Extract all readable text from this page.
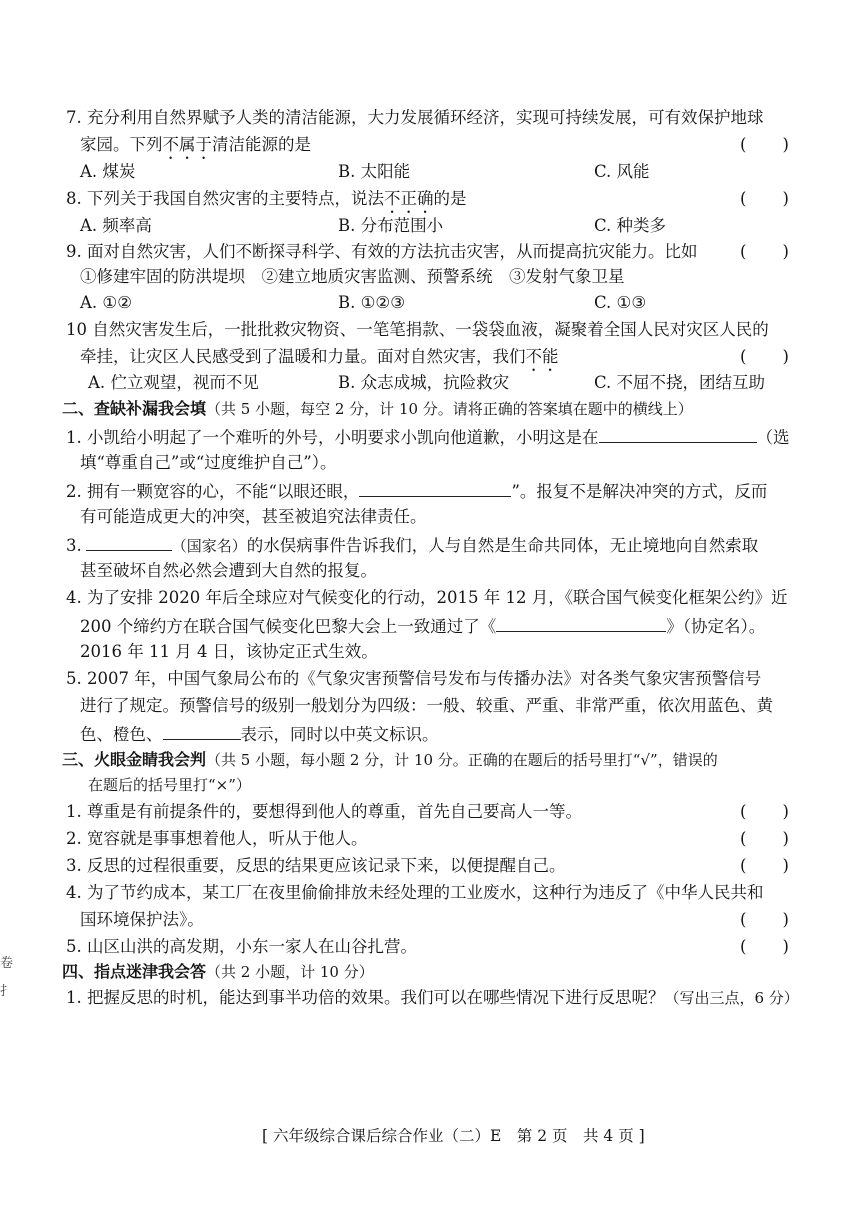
7. 充分利用自然界赋予人类的清洁能源，大力发展循环经济，实现可持续发展，可有效保护地球
家园。下列不属于清洁能源的是	( )
A. 煤炭	B. 太阳能	C. 风能
8. 下列关于我国自然灾害的主要特点，说法不正确的是	( )
A. 频率高	B. 分布范围小	C. 种类多
9. 面对自然灾害，人们不断探寻科学、有效的方法抗击灾害，从而提高抗灾能力。比如	( )
①修建牢固的防洪堤坝　②建立地质灾害监测、预警系统　③发射气象卫星
A. ①②	B. ①②③	C. ①③
10 自然灾害发生后，一批批救灾物资、一笔笔捐款、一袋袋血液，凝聚着全国人民对灾区人民的
牵挂，让灾区人民感受到了温暖和力量。面对自然灾害，我们不能	( )
A. 伫立观望，视而不见	B. 众志成城，抗险救灾	C. 不屈不挠，团结互助
二、查缺补漏我会填（共 5 小题，每空 2 分，计 10 分。请将正确的答案填在题中的横线上）
1. 小凯给小明起了一个难听的外号，小明要求小凯向他道歉，小明这是在	（选
填“尊重自己”或“过度维护自己”）。
2. 拥有一颗宽容的心，不能“以眼还眼，	”。报复不是解决冲突的方式，反而
有可能造成更大的冲突，甚至被追究法律责任。
3.	（国家名）的水俣病事件告诉我们，人与自然是生命共同体，无止境地向自然索取
甚至破坏自然必然会遭到大自然的报复。
4. 为了安排 2020 年后全球应对气候变化的行动，2015 年 12 月，《联合国气候变化框架公约》近
200 个缔约方在联合国气候变化巴黎大会上一致通过了《	》（协定名）。
2016 年 11 月 4 日，该协定正式生效。
5. 2007 年，中国气象局公布的《气象灾害预警信号发布与传播办法》对各类气象灾害预警信号
进行了规定。预警信号的级别一般划分为四级：一般、较重、严重、非常严重，依次用蓝色、黄
色、橙色、	表示，同时以中英文标识。
三、火眼金睛我会判（共 5 小题，每小题 2 分，计 10 分。正确的在题后的括号里打“√”，错误的
在题后的括号里打“×”）
1. 尊重是有前提条件的，要想得到他人的尊重，首先自己要高人一等。	( )
2. 宽容就是事事想着他人，听从于他人。	( )
3. 反思的过程很重要，反思的结果更应该记录下来，以便提醒自己。	( )
4. 为了节约成本，某工厂在夜里偷偷排放未经处理的工业废水，这种行为违反了《中华人民共和
国环境保护法》。	( )
5. 山区山洪的高发期，小东一家人在山谷扎营。	( )
四、指点迷津我会答（共 2 小题，计 10 分）
1. 把握反思的时机，能达到事半功倍的效果。我们可以在哪些情况下进行反思呢？（写出三点，6 分）
卷
扌
[ 六年级综合课后综合作业（二）E　第 2 页　共 4 页 ]
